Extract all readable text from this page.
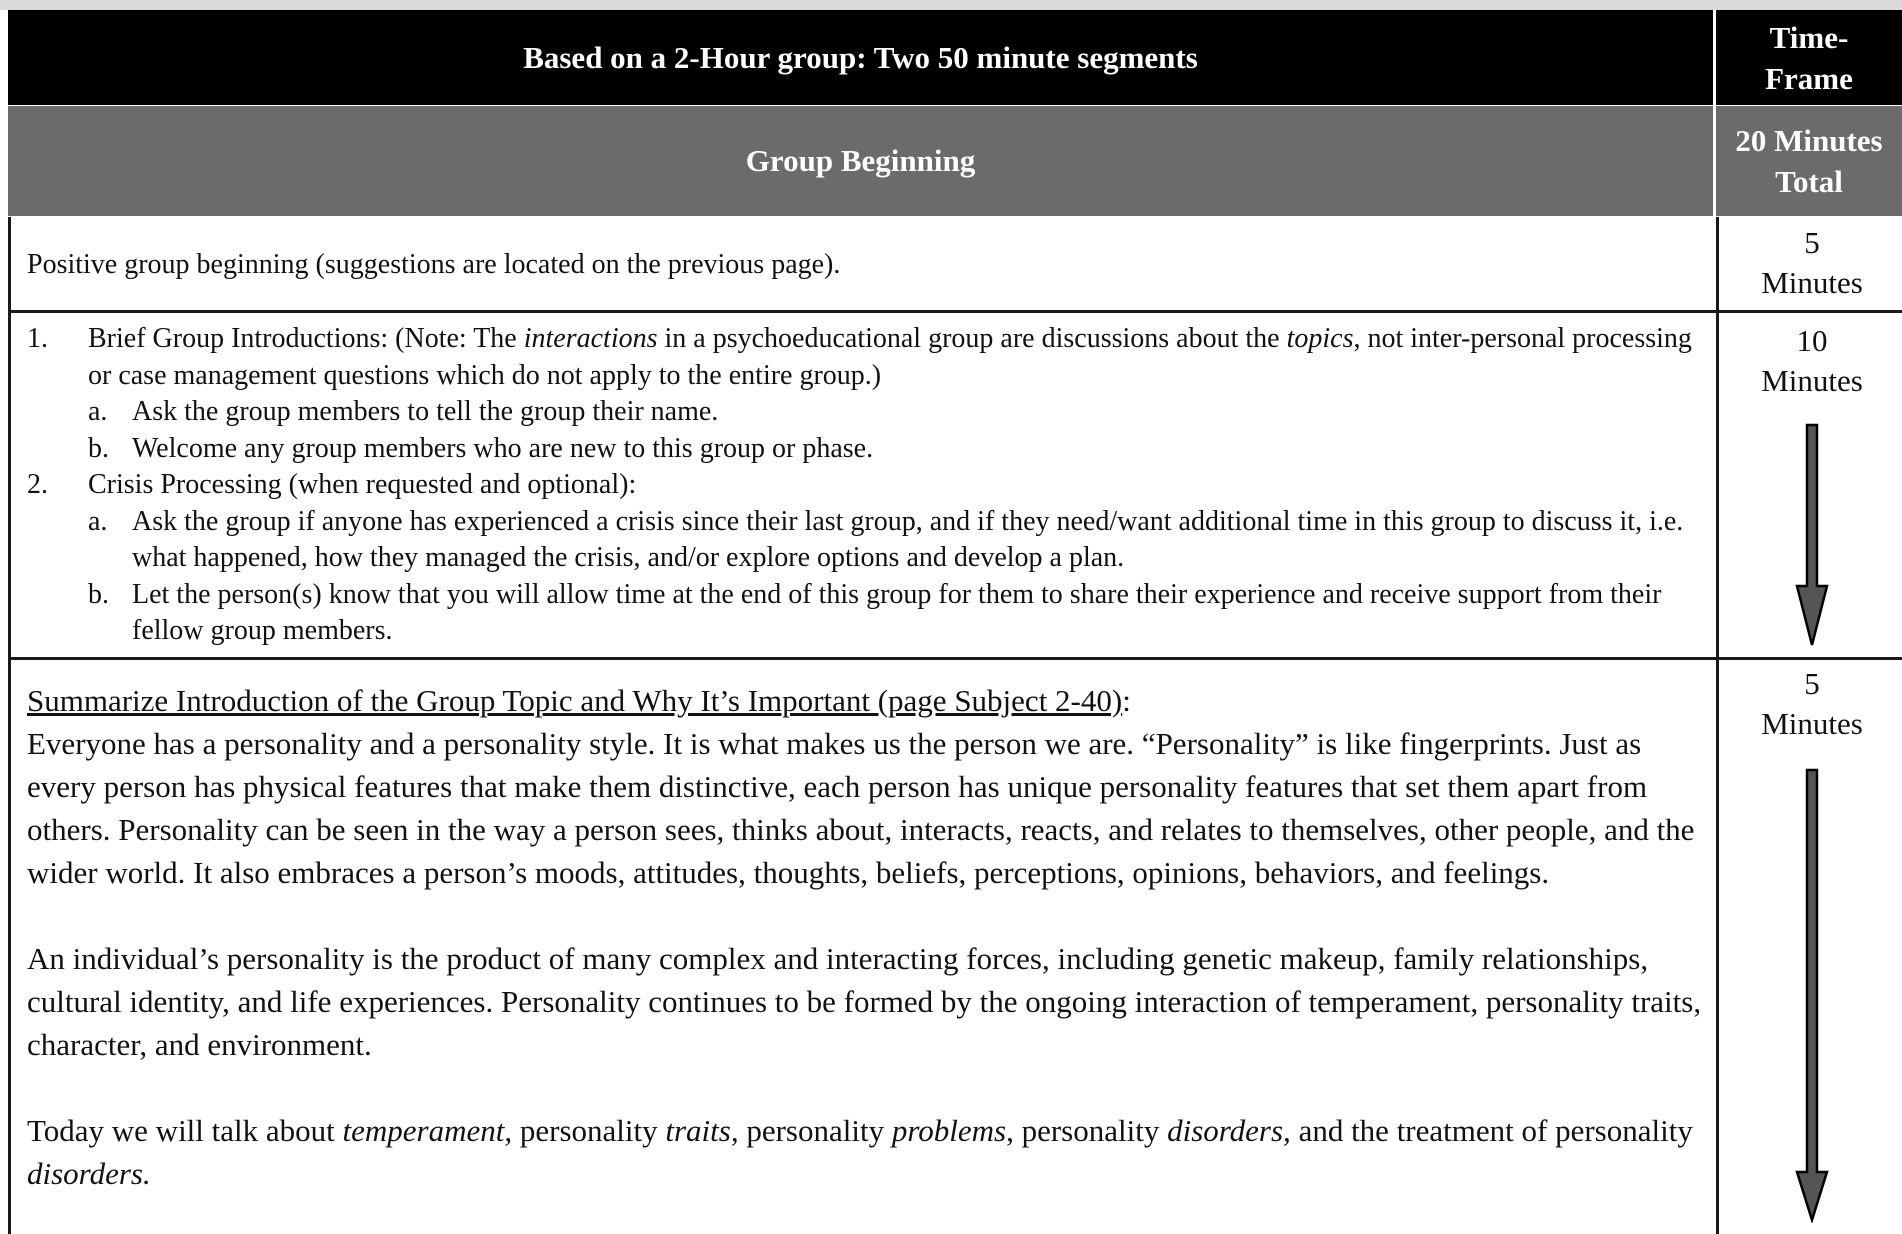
Based on a 2-Hour group: Two 50 minute segments
Time-
Frame
Group Beginning
20 Minutes
Total
Positive group beginning (suggestions are located on the previous page).
5
Minutes
1. Brief Group Introductions: (Note: The interactions in a psychoeducational group are discussions about the topics, not inter-personal processing or case management questions which do not apply to the entire group.)
a. Ask the group members to tell the group their name.
b. Welcome any group members who are new to this group or phase.
2. Crisis Processing (when requested and optional):
a. Ask the group if anyone has experienced a crisis since their last group, and if they need/want additional time in this group to discuss it, i.e. what happened, how they managed the crisis, and/or explore options and develop a plan.
b. Let the person(s) know that you will allow time at the end of this group for them to share their experience and receive support from their fellow group members.
10
Minutes

Summarize Introduction of the Group Topic and Why It’s Important (page Subject 2-40):

Everyone has a personality and a personality style. It is what makes us the person we are. “Personality” is like fingerprints. Just as every person has physical features that make them distinctive, each person has unique personality features that set them apart from others. Personality can be seen in the way a person sees, thinks about, interacts, reacts, and relates to themselves, other people, and the wider world. It also embraces a person’s moods, attitudes, thoughts, beliefs, perceptions, opinions, behaviors, and feelings.

An individual’s personality is the product of many complex and interacting forces, including genetic makeup, family relationships, cultural identity, and life experiences. Personality continues to be formed by the ongoing interaction of temperament, personality traits, character, and environment.

Today we will talk about temperament, personality traits, personality problems, personality disorders, and the treatment of personality disorders.

5
Minutes
